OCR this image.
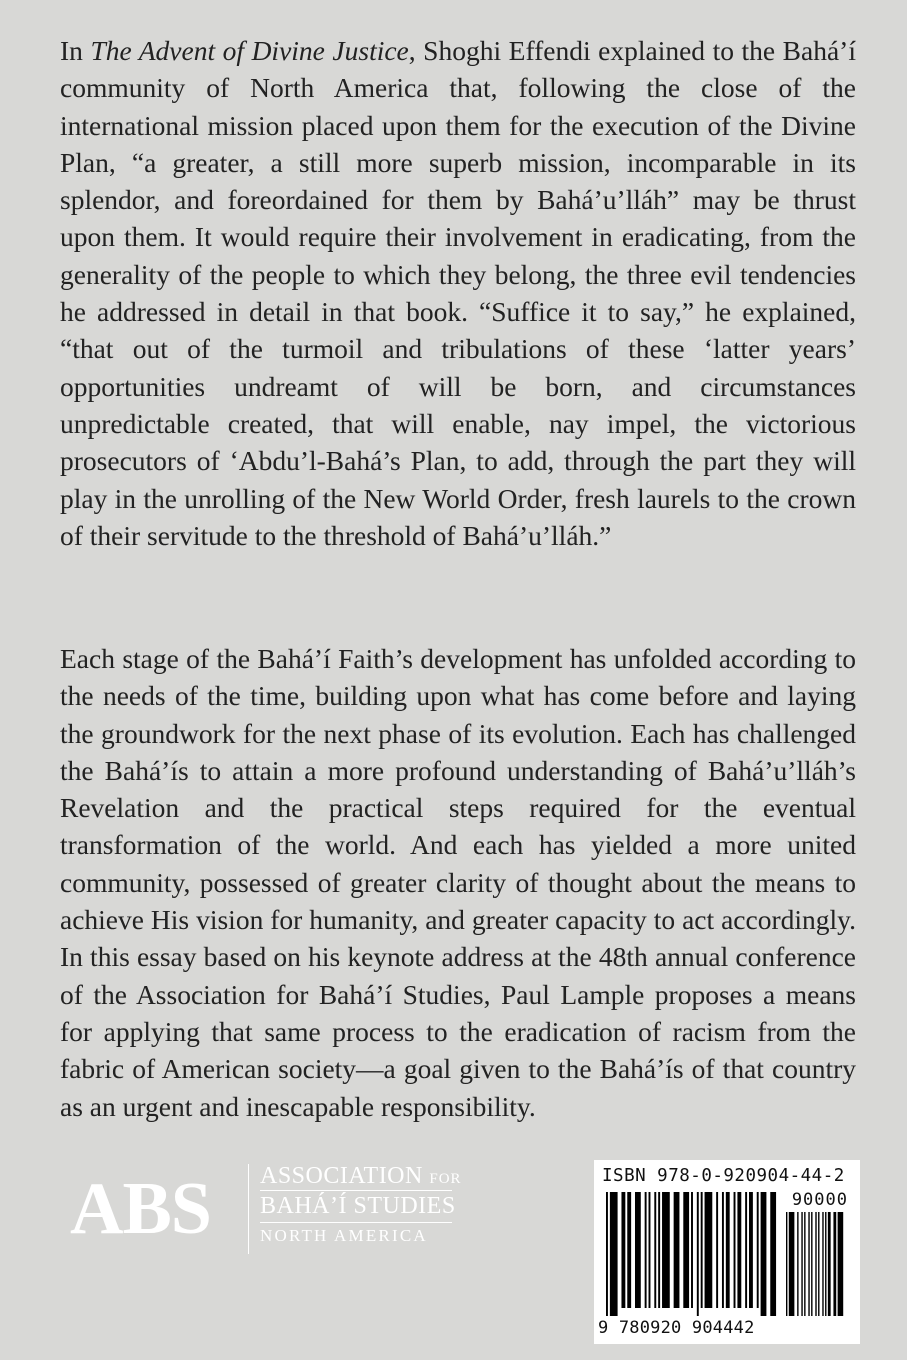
In The Advent of Divine Justice, Shoghi Effendi explained to the Bahá’í community of North America that, following the close of the international mission placed upon them for the execution of the Divine Plan, “a greater, a still more superb mission, incomparable in its splendor, and foreordained for them by Bahá’u’lláh” may be thrust upon them. It would require their involvement in eradicating, from the generality of the people to which they belong, the three evil tendencies he addressed in detail in that book. “Suffice it to say,” he explained, “that out of the turmoil and tribulations of these ‘latter years’ opportunities undreamt of will be born, and circumstances unpredictable created, that will enable, nay impel, the victorious prosecutors of ‘Abdu’l-Bahá’s Plan, to add, through the part they will play in the unrolling of the New World Order, fresh laurels to the crown of their servitude to the threshold of Bahá’u’lláh.”

Each stage of the Bahá’í Faith’s development has unfolded according to the needs of the time, building upon what has come before and laying the groundwork for the next phase of its evolution. Each has challenged the Bahá’ís to attain a more profound understanding of Bahá’u’lláh’s Revelation and the practical steps required for the eventual transformation of the world. And each has yielded a more united community, possessed of greater clarity of thought about the means to achieve His vision for humanity, and greater capacity to act accordingly. In this essay based on his keynote address at the 48th annual conference of the Association for Bahá’í Studies, Paul Lample proposes a means for applying that same process to the eradication of racism from the fabric of American society—a goal given to the Bahá’ís of that country as an urgent and inescapable responsibility.

ABS ASSOCIATION FOR
BAHÁ’Í STUDIES
NORTH AMERICA
ISBN 978-0-920904-44-2
90000
9 780920 904442
